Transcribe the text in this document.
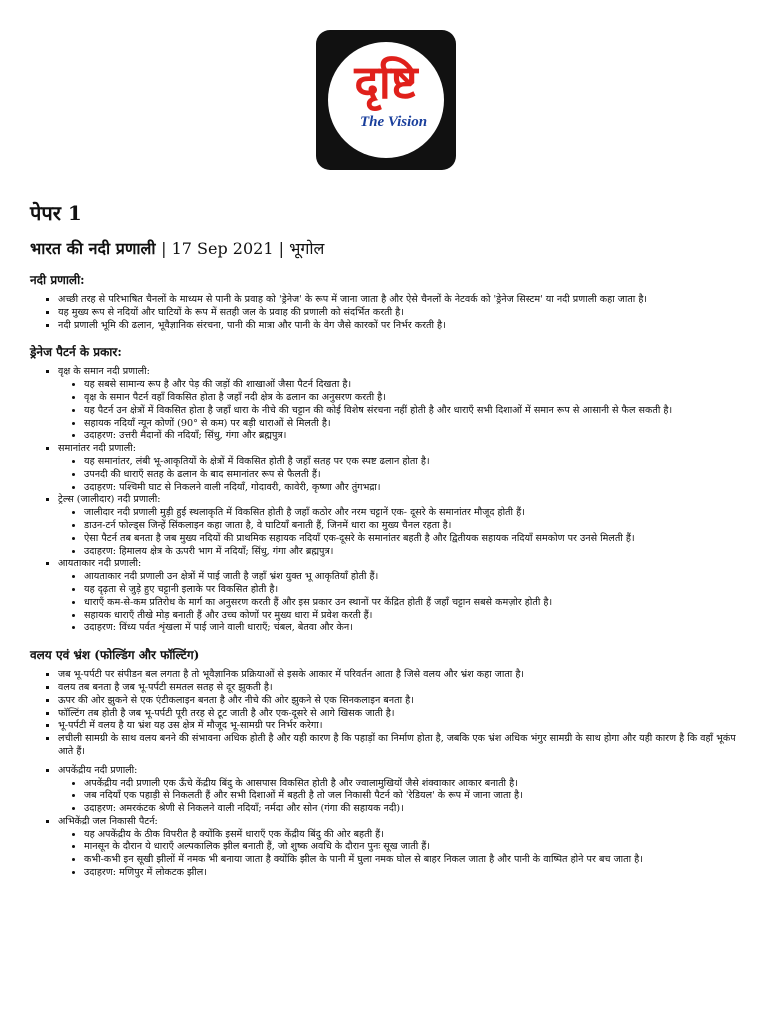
दृष्टि
The Vision
पेपर 1
भारत की नदी प्रणाली | 17 Sep 2021 | भूगोल
नदी प्रणाली:
▪ अच्छी तरह से परिभाषित चैनलों के माध्यम से पानी के प्रवाह को 'ड्रेनेज' के रूप में जाना जाता है और ऐसे चैनलों के नेटवर्क को 'ड्रेनेज सिस्टम' या नदी प्रणाली कहा जाता है।
▪ यह मुख्य रूप से नदियों और घाटियों के रूप में सतही जल के प्रवाह की प्रणाली को संदर्भित करती है।
▪ नदी प्रणाली भूमि की ढलान, भूवैज्ञानिक संरचना, पानी की मात्रा और पानी के वेग जैसे कारकों पर निर्भर करती है।
ड्रेनेज पैटर्न के प्रकार:
▪ वृक्ष के समान नदी प्रणाली:
• यह सबसे सामान्य रूप है और पेड़ की जड़ों की शाखाओं जैसा पैटर्न दिखता है।
• वृक्ष के समान पैटर्न वहाँ विकसित होता है जहाँ नदी क्षेत्र के ढलान का अनुसरण करती है।
• यह पैटर्न उन क्षेत्रों में विकसित होता है जहाँ धारा के नीचे की चट्टान की कोई विशेष संरचना नहीं होती है और धाराएँ सभी दिशाओं में समान रूप से आसानी से फैल सकती है।
• सहायक नदियाँ न्यून कोणों (90° से कम) पर बड़ी धाराओं से मिलती है।
• उदाहरण: उत्तरी मैदानों की नदियाँ; सिंधु, गंगा और ब्रह्मपुत्र।
▪ समानांतर नदी प्रणाली:
• यह समानांतर, लंबी भू-आकृतियों के क्षेत्रों में विकसित होती है जहाँ सतह पर एक स्पष्ट ढलान होता है।
• उपनदी की धाराएँ सतह के ढलान के बाद समानांतर रूप से फैलती हैं।
• उदाहरण: पश्चिमी घाट से निकलने वाली नदियाँ, गोदावरी, कावेरी, कृष्णा और तुंगभद्रा।
▪ ट्रेल्स (जालीदार) नदी प्रणाली:
• जालीदार नदी प्रणाली मुड़ी हुई स्थलाकृति में विकसित होती है जहाँ कठोर और नरम चट्टानें एक- दूसरे के समानांतर मौजूद होती हैं।
• डाउन-टर्न फोल्ड्स जिन्हें सिंकलाइन कहा जाता है, वे घाटियाँ बनाती हैं, जिनमें धारा का मुख्य चैनल रहता है।
• ऐसा पैटर्न तब बनता है जब मुख्य नदियों की प्राथमिक सहायक नदियाँ एक-दूसरे के समानांतर बहती है और द्वितीयक सहायक नदियाँ समकोण पर उनसे मिलती हैं।
• उदाहरण: हिमालय क्षेत्र के ऊपरी भाग में नदियाँ; सिंधु, गंगा और ब्रह्मपुत्र।
▪ आयताकार नदी प्रणाली:
• आयताकार नदी प्रणाली उन क्षेत्रों में पाई जाती है जहाँ भ्रंश युक्त भू आकृतियाँ होती हैं।
• यह दृढ़ता से जुड़े हुए चट्टानी इलाके पर विकसित होती है।
• धाराएँ कम-से-कम प्रतिरोध के मार्ग का अनुसरण करती हैं और इस प्रकार उन स्थानों पर केंद्रित होती हैं जहाँ चट्टान सबसे कमज़ोर होती है।
• सहायक धाराएँ तीखे मोड़ बनाती हैं और उच्च कोणों पर मुख्य धारा में प्रवेश करती हैं।
• उदाहरण: विंध्य पर्वत शृंखला में पाई जाने वाली धाराएँ; चंबल, बेतवा और केन।
वलय एवं भ्रंश (फोल्डिंग और फॉल्टिंग)
▪ जब भू-पर्पटी पर संपीडन बल लगता है तो भूवैज्ञानिक प्रक्रियाओं से इसके आकार में परिवर्तन आता है जिसे वलय और भ्रंश कहा जाता है।
▪ वलय तब बनता है जब भू-पर्पटी समतल सतह से दूर झुकती है।
▪ ऊपर की ओर झुकने से एक एंटीकलाइन बनता है और नीचे की ओर झुकने से एक सिनकलाइन बनता है।
▪ फॉल्टिंग तब होती है जब भू-पर्पटी पूरी तरह से टूट जाती है और एक-दूसरे से आगे खिसक जाती है।
▪ भू-पर्पटी में वलय है या भ्रंश यह उस क्षेत्र में मौजूद भू-सामग्री पर निर्भर करेगा।
▪ लचीली सामग्री के साथ वलय बनने की संभावना अधिक होती है और यही कारण है कि पहाड़ों का निर्माण होता है, जबकि एक भ्रंश अधिक भंगुर सामग्री के साथ होगा और यही कारण है कि वहाँ भूकंप आते हैं।
▪ अपकेंद्रीय नदी प्रणाली:
• अपकेंद्रीय नदी प्रणाली एक ऊँचे केंद्रीय बिंदु के आसपास विकसित होती है और ज्वालामुखियों जैसे शंक्वाकार आकार बनाती है।
• जब नदियाँ एक पहाड़ी से निकलती हैं और सभी दिशाओं में बहती है तो जल निकासी पैटर्न को 'रेडियल' के रूप में जाना जाता है।
• उदाहरण: अमरकंटक श्रेणी से निकलने वाली नदियाँ; नर्मदा और सोन (गंगा की सहायक नदी)।
▪ अभिकेंद्री जल निकासी पैटर्न:
• यह अपकेंद्रीय के ठीक विपरीत है क्योंकि इसमें धाराएँ एक केंद्रीय बिंदु की ओर बहती हैं।
• मानसून के दौरान ये धाराएँ अल्पकालिक झील बनाती हैं, जो शुष्क अवधि के दौरान पुनः सूख जाती हैं।
• कभी-कभी इन सूखी झीलों में नमक भी बनाया जाता है क्योंकि झील के पानी में घुला नमक घोल से बाहर निकल जाता है और पानी के वाष्पित होने पर बच जाता है।
• उदाहरण: मणिपुर में लोकटक झील।
